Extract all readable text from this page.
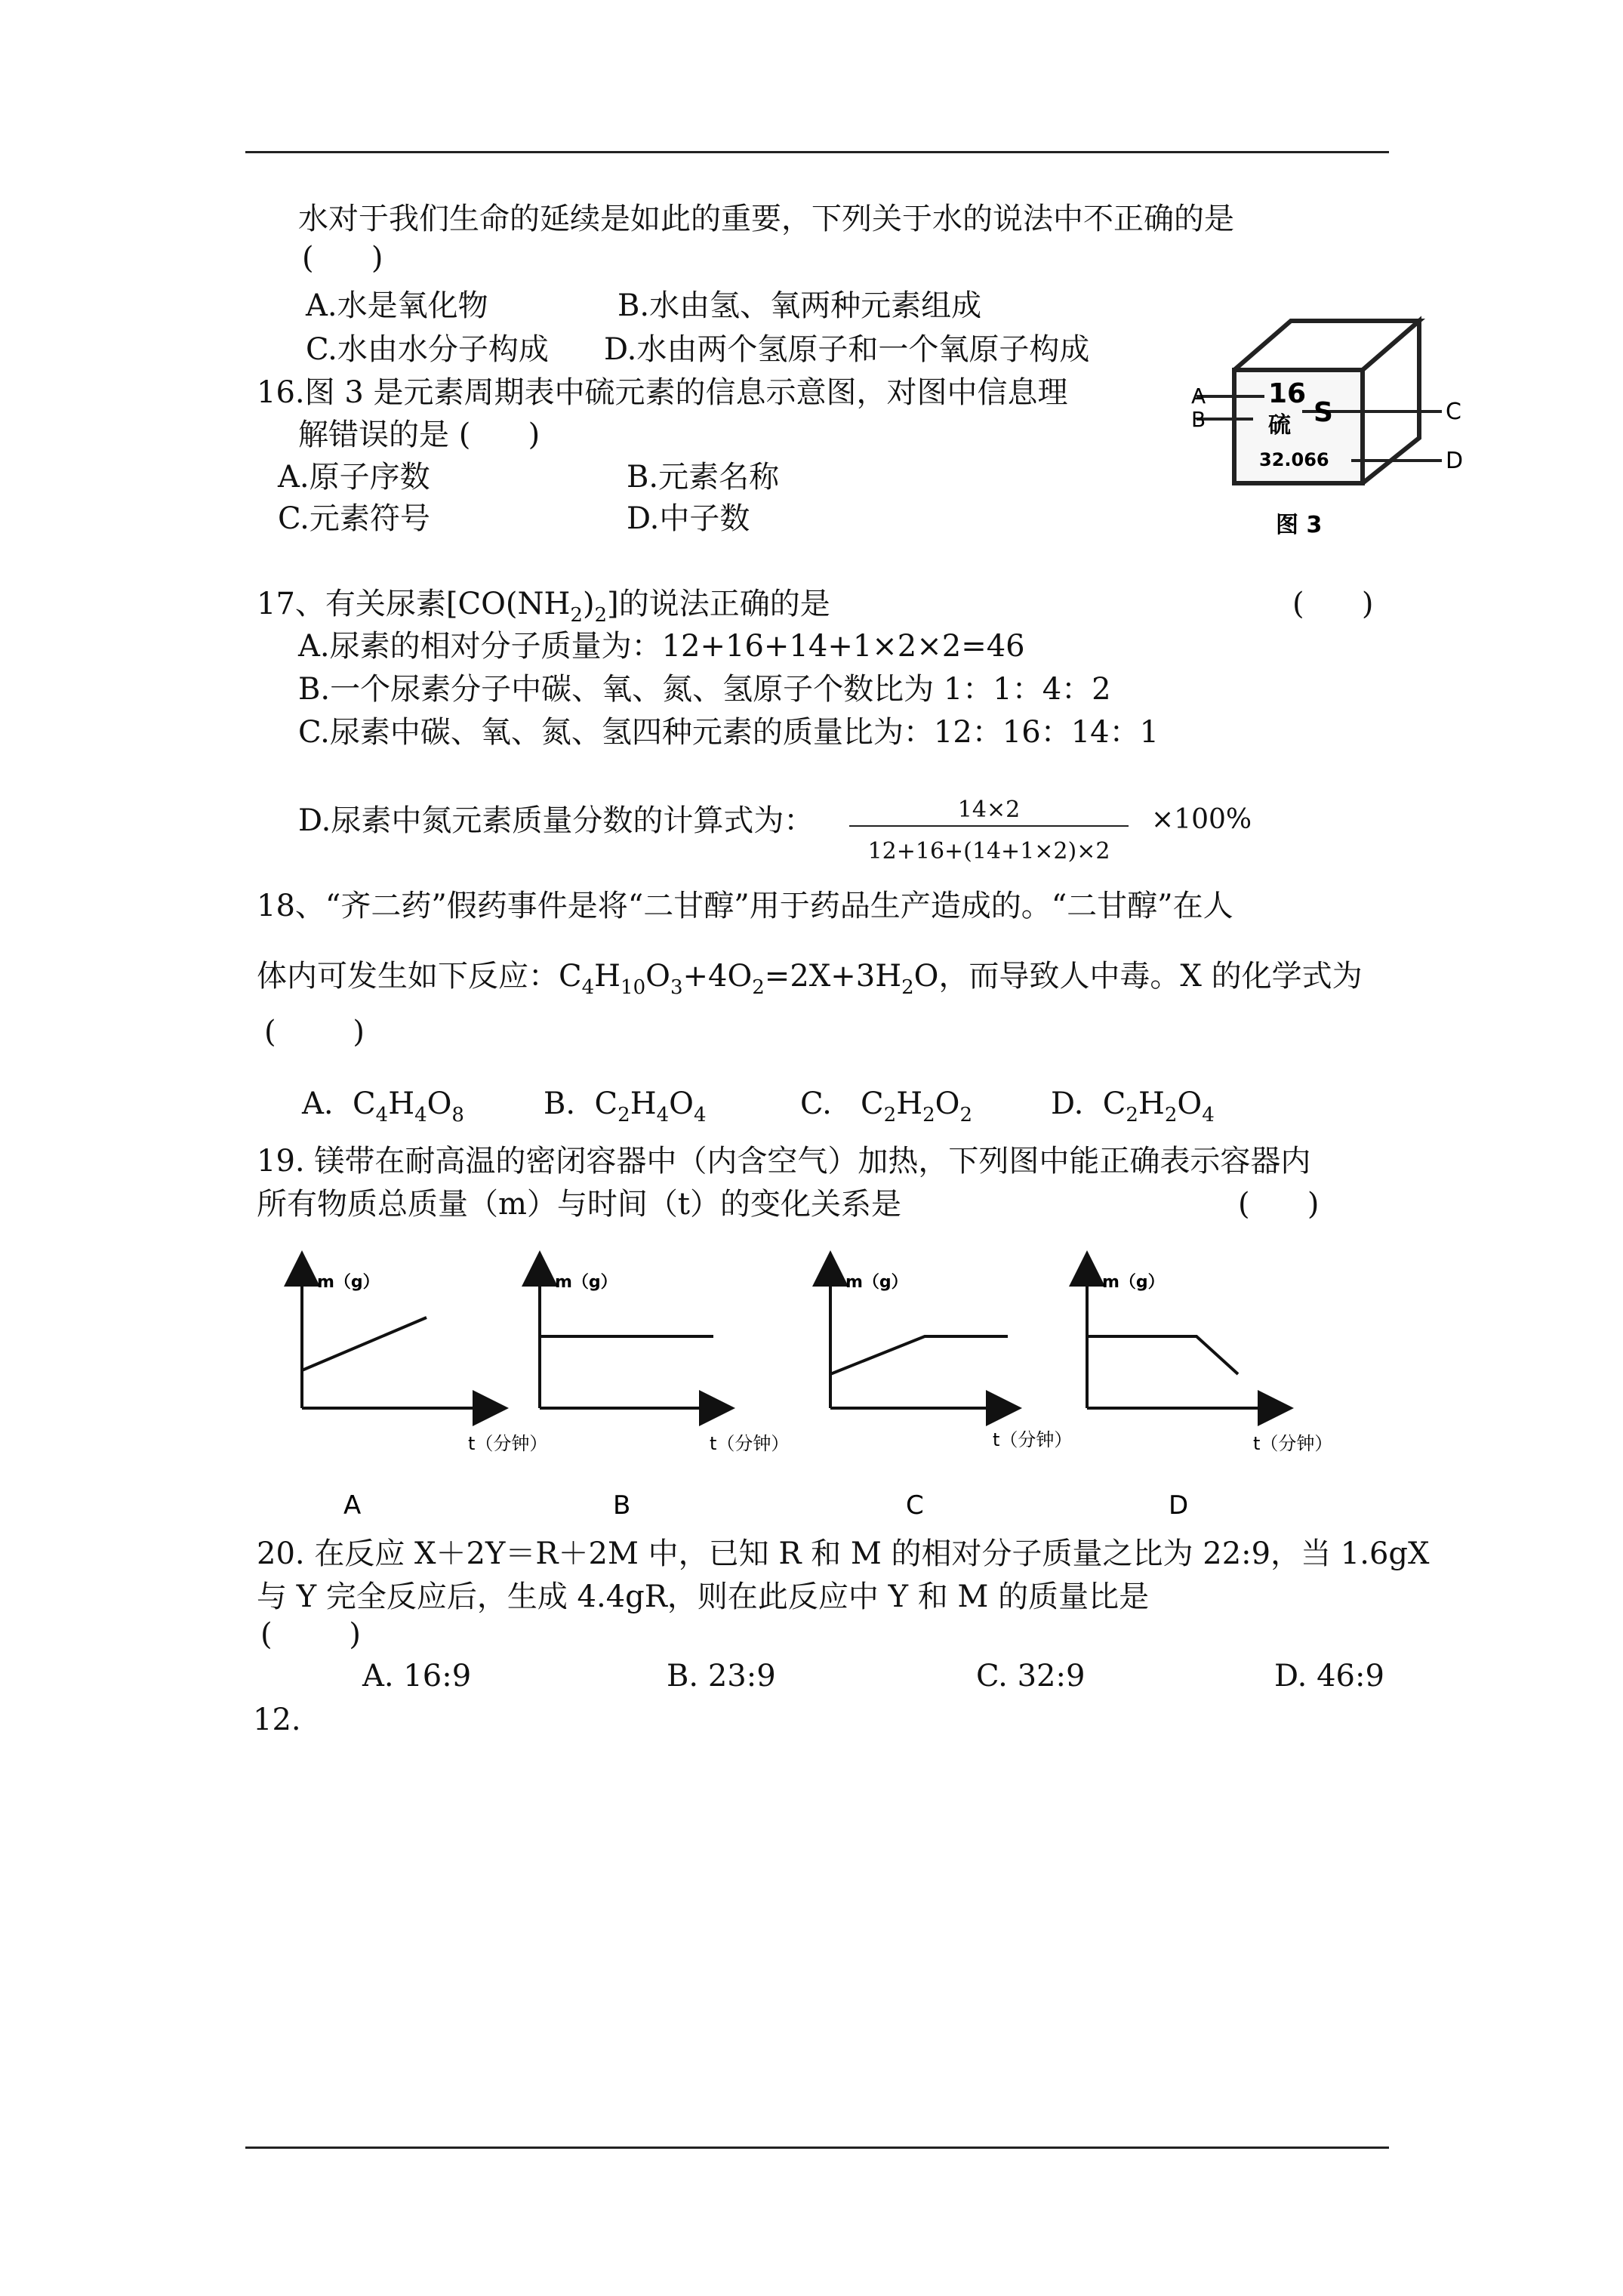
水对于我们生命的延续是如此的重要，下列关于水的说法中不正确的是
(      )
A.水是氧化物	B.水由氢、氧两种元素组成
C.水由水分子构成 D.水由两个氢原子和一个氧原子构成
16.图 3 是元素周期表中硫元素的信息示意图，对图中信息理
解错误的是 (      )
A.原子序数	B.元素名称
C.元素符号	D.中子数
A
B	C
D
16
硫 S
32.066
图 3
17、有关尿素$[CO(NH_2)_2]$的说法正确的是	(      )
A.尿素的相对分子质量为：12+16+14+1×2×2=46
B.一个尿素分子中碳、氧、氮、氢原子个数比为 1：1：4：2
C.尿素中碳、氧、氮、氢四种元素的质量比为：12：16：14：1
D.尿素中氮元素质量分数的计算式为：	14×2
12+16+(14+1×2)×2
×100%
18、“齐二药”假药事件是将“二甘醇”用于药品生产造成的。“二甘醇”在人
体内可发生如下反应：$C_4H_{10}O_3+4O_2=2X+3H_2O$，而导致人中毒。X 的化学式为
(        )
A.  $C_4H_4O_8$	B.  $C_2H_4O_4$	C.   $C_2H_2O_2$	D.  $C_2H_2O_4$
19. 镁带在耐高温的密闭容器中（内含空气）加热，下列图中能正确表示容器内
所有物质总质量（m）与时间（t）的变化关系是	(      )
m（g）
t（分钟）
A
m（g）
t（分钟）
B
m（g）
t（分钟）
C
m（g）
t（分钟）
D
20. 在反应 X＋2Y＝R＋2M 中，已知 R 和 M 的相对分子质量之比为 22:9，当 1.6gX
与 Y 完全反应后，生成 4.4gR，则在此反应中 Y 和 M 的质量比是
(        )
A. 16:9	B. 23:9	C. 32:9	D. 46:9
12.
